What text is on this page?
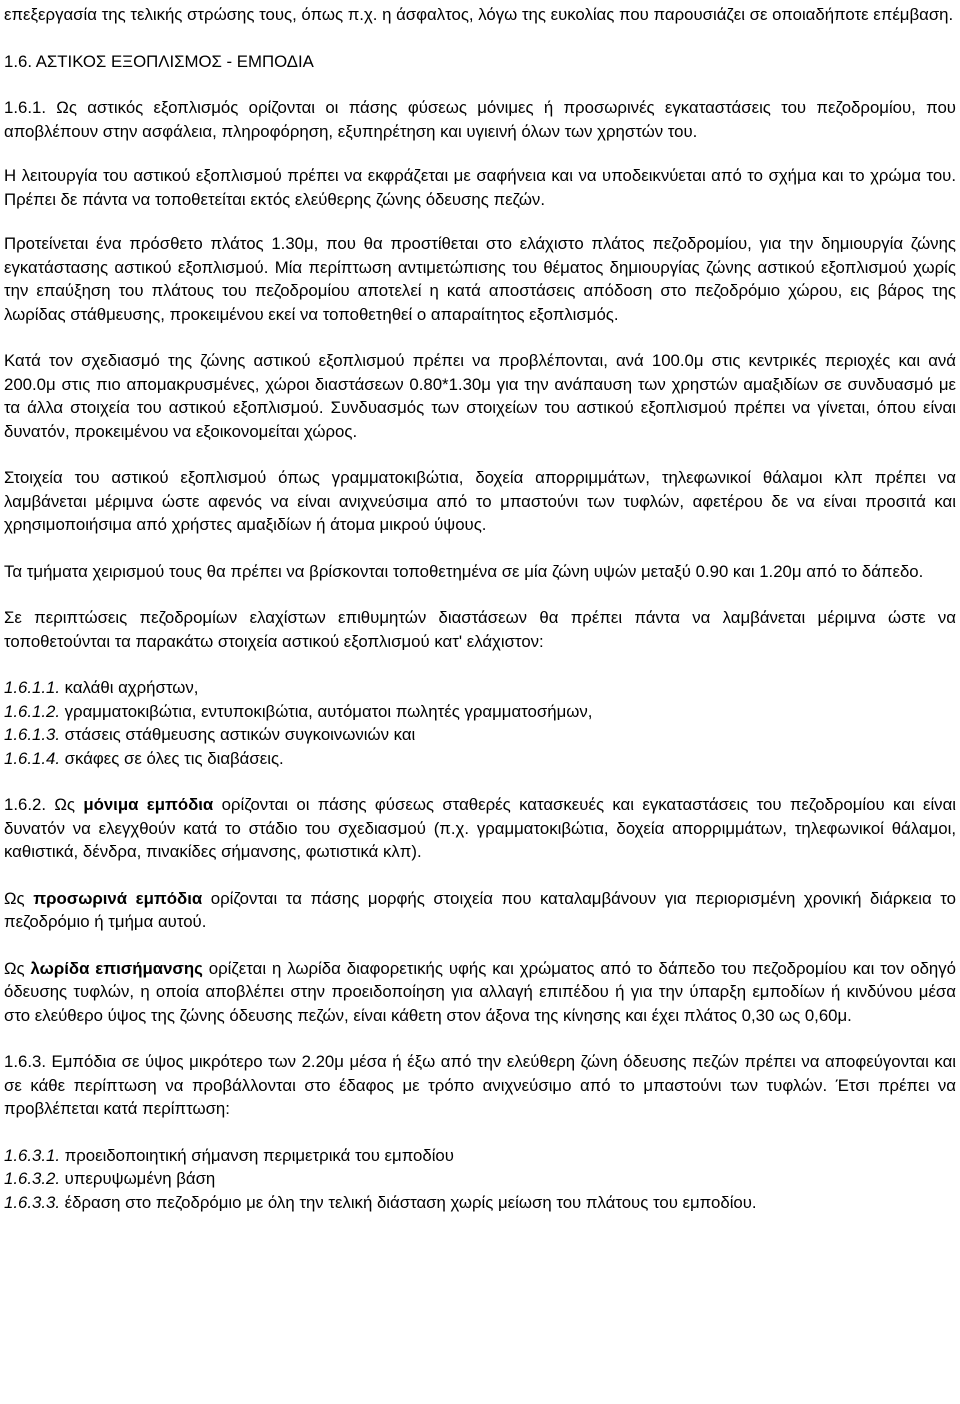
επεξεργασία της τελικής στρώσης τους, όπως π.χ. η άσφαλτος, λόγω της ευκολίας που παρουσιάζει σε οποιαδήποτε επέμβαση.

1.6. ΑΣΤΙΚΟΣ ΕΞΟΠΛΙΣΜΟΣ - ΕΜΠΟΔΙΑ

1.6.1. Ως αστικός εξοπλισμός ορίζονται οι πάσης φύσεως μόνιμες ή προσωρινές εγκαταστάσεις του πεζοδρομίου, που αποβλέπουν στην ασφάλεια, πληροφόρηση, εξυπηρέτηση και υγιεινή όλων των χρηστών του.

Η λειτουργία του αστικού εξοπλισμού πρέπει να εκφράζεται με σαφήνεια και να υποδεικνύεται από το σχήμα και το χρώμα του. Πρέπει δε πάντα να τοποθετείται εκτός ελεύθερης ζώνης όδευσης πεζών.

Προτείνεται ένα πρόσθετο πλάτος 1.30μ, που θα προστίθεται στο ελάχιστο πλάτος πεζοδρομίου, για την δημιουργία ζώνης εγκατάστασης αστικού εξοπλισμού. Μία περίπτωση αντιμετώπισης του θέματος δημιουργίας ζώνης αστικού εξοπλισμού χωρίς την επαύξηση του πλάτους του πεζοδρομίου αποτελεί η κατά αποστάσεις απόδοση στο πεζοδρόμιο χώρου, εις βάρος της λωρίδας στάθμευσης, προκειμένου εκεί να τοποθετηθεί ο απαραίτητος εξοπλισμός.

Κατά τον σχεδιασμό της ζώνης αστικού εξοπλισμού πρέπει να προβλέπονται, ανά 100.0μ στις κεντρικές περιοχές και ανά 200.0μ στις πιο απομακρυσμένες, χώροι διαστάσεων 0.80*1.30μ για την ανάπαυση των χρηστών αμαξιδίων σε συνδυασμό με τα άλλα στοιχεία του αστικού εξοπλισμού. Συνδυασμός των στοιχείων του αστικού εξοπλισμού πρέπει να γίνεται, όπου είναι δυνατόν, προκειμένου να εξοικονομείται χώρος.

Στοιχεία του αστικού εξοπλισμού όπως γραμματοκιβώτια, δοχεία απορριμμάτων, τηλεφωνικοί θάλαμοι κλπ πρέπει να λαμβάνεται μέριμνα ώστε αφενός να είναι ανιχνεύσιμα από το μπαστούνι των τυφλών, αφετέρου δε να είναι προσιτά και χρησιμοποιήσιμα από χρήστες αμαξιδίων ή άτομα μικρού ύψους.

Τα τμήματα χειρισμού τους θα πρέπει να βρίσκονται τοποθετημένα σε μία ζώνη υψών μεταξύ 0.90 και 1.20μ από το δάπεδο.

Σε περιπτώσεις πεζοδρομίων ελαχίστων επιθυμητών διαστάσεων θα πρέπει πάντα να λαμβάνεται μέριμνα ώστε να τοποθετούνται τα παρακάτω στοιχεία αστικού εξοπλισμού κατ' ελάχιστον:

1.6.1.1. καλάθι αχρήστων,

1.6.1.2. γραμματοκιβώτια, εντυποκιβώτια, αυτόματοι πωλητές γραμματοσήμων,

1.6.1.3. στάσεις στάθμευσης αστικών συγκοινωνιών και

1.6.1.4. σκάφες σε όλες τις διαβάσεις.

1.6.2. Ως μόνιμα εμπόδια ορίζονται οι πάσης φύσεως σταθερές κατασκευές και εγκαταστάσεις του πεζοδρομίου και είναι δυνατόν να ελεγχθούν κατά το στάδιο του σχεδιασμού (π.χ. γραμματοκιβώτια, δοχεία απορριμμάτων, τηλεφωνικοί θάλαμοι, καθιστικά, δένδρα, πινακίδες σήμανσης, φωτιστικά κλπ).

Ως προσωρινά εμπόδια ορίζονται τα πάσης μορφής στοιχεία που καταλαμβάνουν για περιορισμένη χρονική διάρκεια το πεζοδρόμιο ή τμήμα αυτού.

Ως λωρίδα επισήμανσης ορίζεται η λωρίδα διαφορετικής υφής και χρώματος από το δάπεδο του πεζοδρομίου και τον οδηγό όδευσης τυφλών, η οποία αποβλέπει στην προειδοποίηση για αλλαγή επιπέδου ή για την ύπαρξη εμποδίων ή κινδύνου μέσα στο ελεύθερο ύψος της ζώνης όδευσης πεζών, είναι κάθετη στον άξονα της κίνησης και έχει πλάτος 0,30 ως 0,60μ.

1.6.3. Εμπόδια σε ύψος μικρότερο των 2.20μ μέσα ή έξω από την ελεύθερη ζώνη όδευσης πεζών πρέπει να αποφεύγονται και σε κάθε περίπτωση να προβάλλονται στο έδαφος με τρόπο ανιχνεύσιμο από το μπαστούνι των τυφλών. Έτσι πρέπει να προβλέπεται κατά περίπτωση:

1.6.3.1. προειδοποιητική σήμανση περιμετρικά του εμποδίου

1.6.3.2. υπερυψωμένη βάση

1.6.3.3. έδραση στο πεζοδρόμιο με όλη την τελική διάσταση χωρίς μείωση του πλάτους του εμποδίου.
